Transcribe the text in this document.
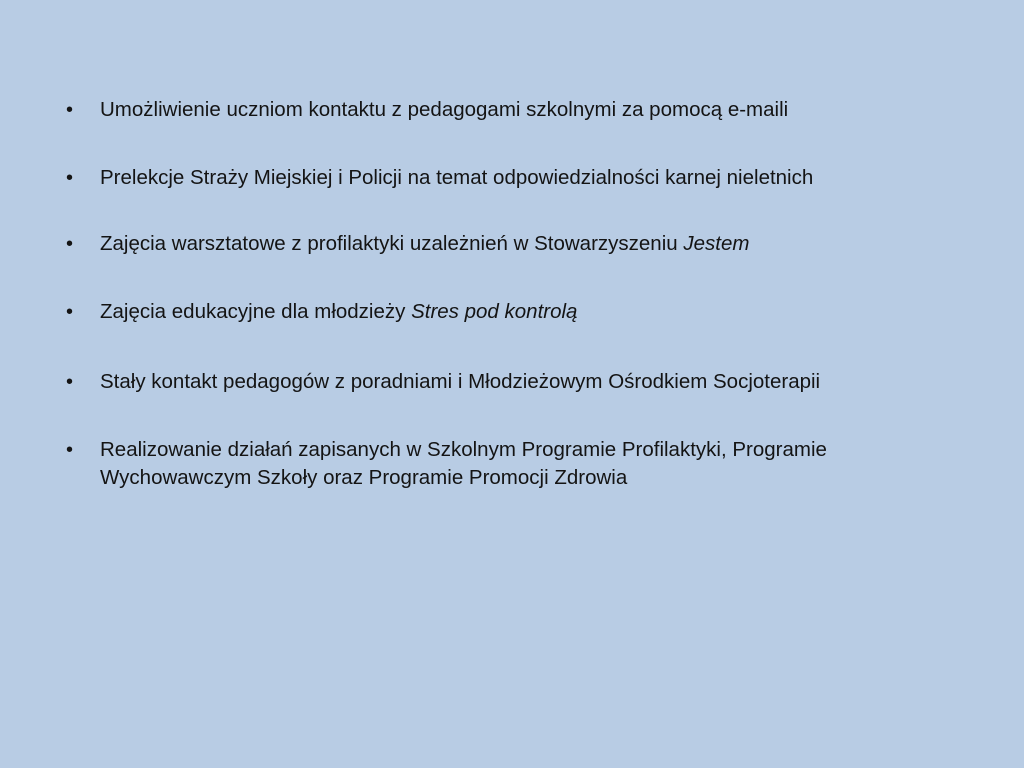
• Umożliwienie uczniom kontaktu z pedagogami szkolnymi za pomocą e-maili
• Prelekcje Straży Miejskiej i Policji na temat odpowiedzialności karnej nieletnich
• Zajęcia warsztatowe z profilaktyki uzależnień w Stowarzyszeniu Jestem
• Zajęcia edukacyjne dla młodzieży Stres pod kontrolą
• Stały kontakt pedagogów z poradniami i Młodzieżowym Ośrodkiem Socjoterapii
• Realizowanie działań zapisanych w Szkolnym Programie Profilaktyki, Programie Wychowawczym Szkoły oraz Programie Promocji Zdrowia
